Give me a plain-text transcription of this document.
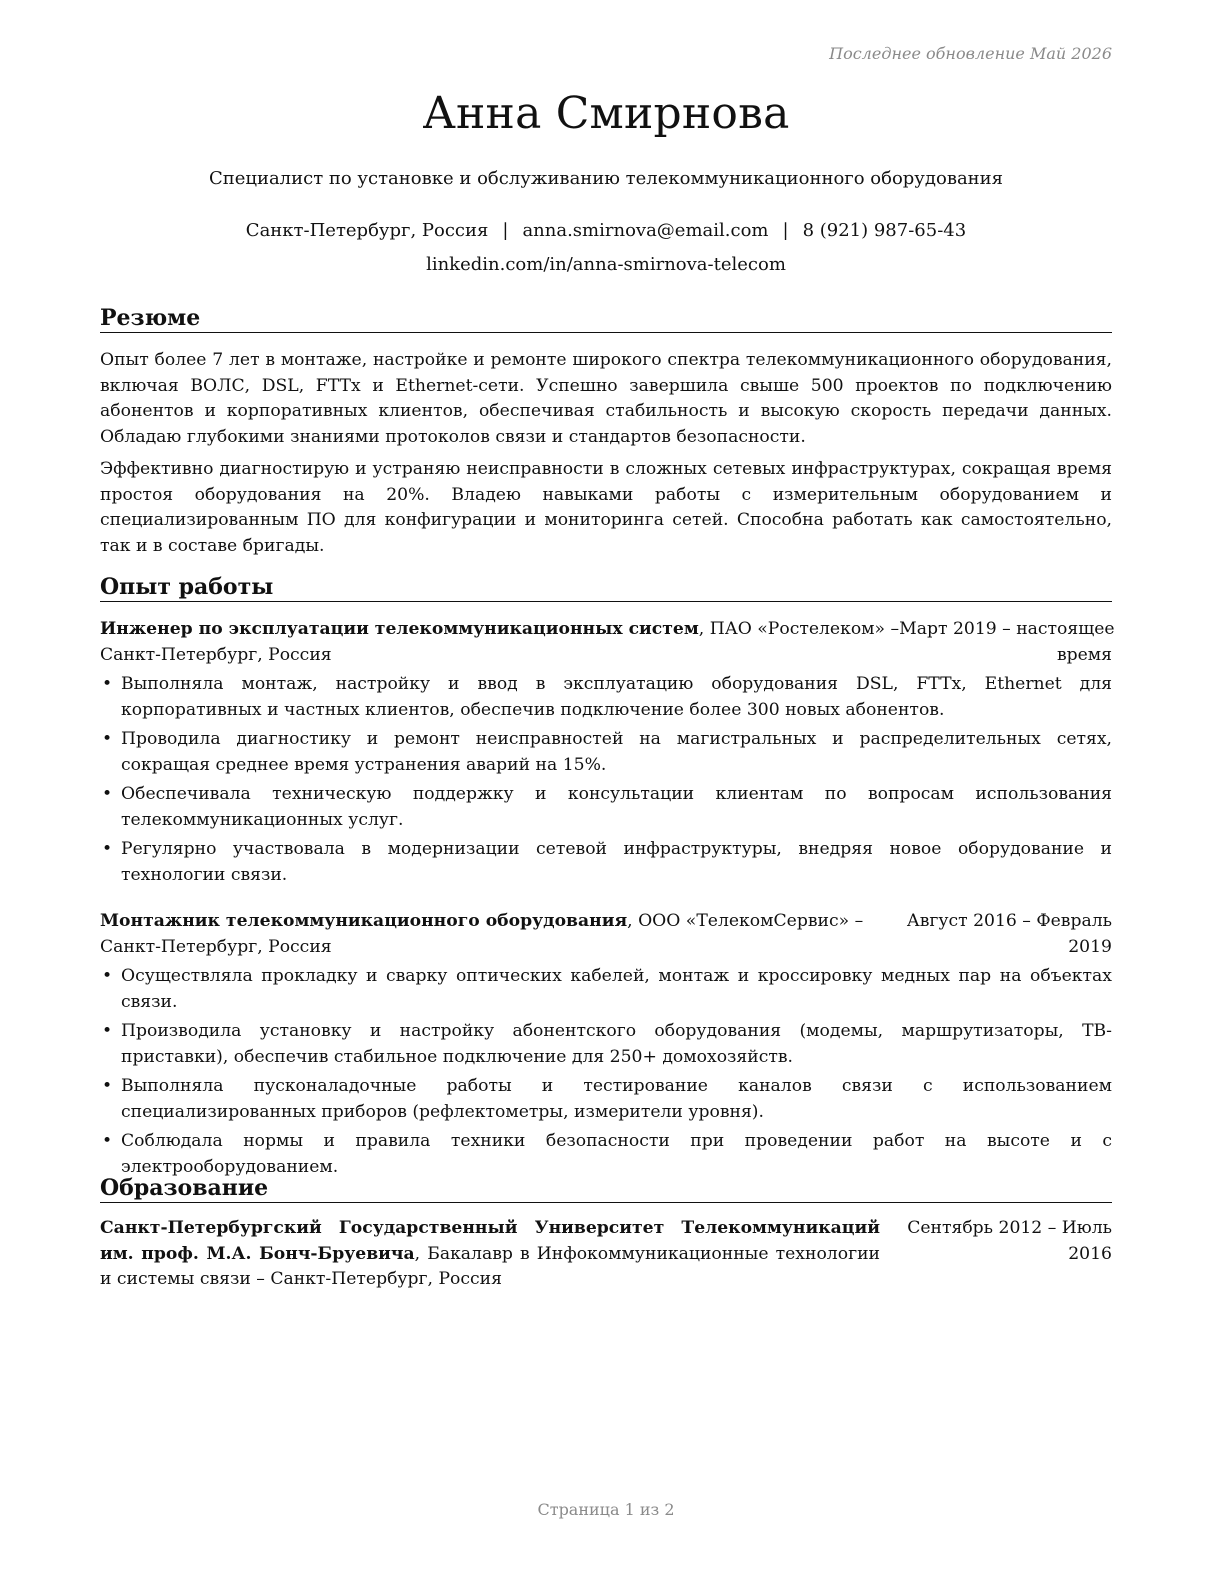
Последнее обновление Май 2026
Анна Смирнова
Специалист по установке и обслуживанию телекоммуникационного оборудования
Санкт-Петербург, Россия | anna.smirnova@email.com | 8 (921) 987-65-43
linkedin.com/in/anna-smirnova-telecom
Резюме

Опыт более 7 лет в монтаже, настройке и ремонте широкого спектра телекоммуникационного оборудования, включая ВОЛС, DSL, FTTx и Ethernet-сети. Успешно завершила свыше 500 проектов по подключению абонентов и корпоративных клиентов, обеспечивая стабильность и высокую скорость передачи данных. Обладаю глубокими знаниями протоколов связи и стандартов безопасности.

Эффективно диагностирую и устраняю неисправности в сложных сетевых инфраструктурах, сокращая время простоя оборудования на 20%. Владею навыками работы с измерительным оборудованием и специализированным ПО для конфигурации и мониторинга сетей. Способна работать как самостоятельно, так и в составе бригады.

Опыт работы
Инженер по эксплуатации телекоммуникационных систем, ПАО «Ростелеком» – Март 2019 – настоящее
Санкт-Петербург, Россия	время
• Выполняла монтаж, настройку и ввод в эксплуатацию оборудования DSL, FTTx, Ethernet для корпоративных и частных клиентов, обеспечив подключение более 300 новых абонентов.
• Проводила диагностику и ремонт неисправностей на магистральных и распределительных сетях, сокращая среднее время устранения аварий на 15%.
• Обеспечивала техническую поддержку и консультации клиентам по вопросам использования телекоммуникационных услуг.
• Регулярно участвовала в модернизации сетевой инфраструктуры, внедряя новое оборудование и технологии связи.
Монтажник телекоммуникационного оборудования, ООО «ТелекомСервис» –	Август 2016 – Февраль
Санкт-Петербург, Россия	2019
• Осуществляла прокладку и сварку оптических кабелей, монтаж и кроссировку медных пар на объектах связи.
• Производила установку и настройку абонентского оборудования (модемы, маршрутизаторы, ТВ-приставки), обеспечив стабильное подключение для 250+ домохозяйств.
• Выполняла пусконаладочные работы и тестирование каналов связи с использованием специализированных приборов (рефлектометры, измерители уровня).
• Соблюдала нормы и правила техники безопасности при проведении работ на высоте и с электрооборудованием.
Образование
Санкт-Петербургский Государственный Университет Телекоммуникаций им. проф. М.А. Бонч-Бруевича, Бакалавр в Инфокоммуникационные технологии и системы связи – Санкт-Петербург, Россия
Сентябрь 2012 – Июль
2016
Страница 1 из 2
